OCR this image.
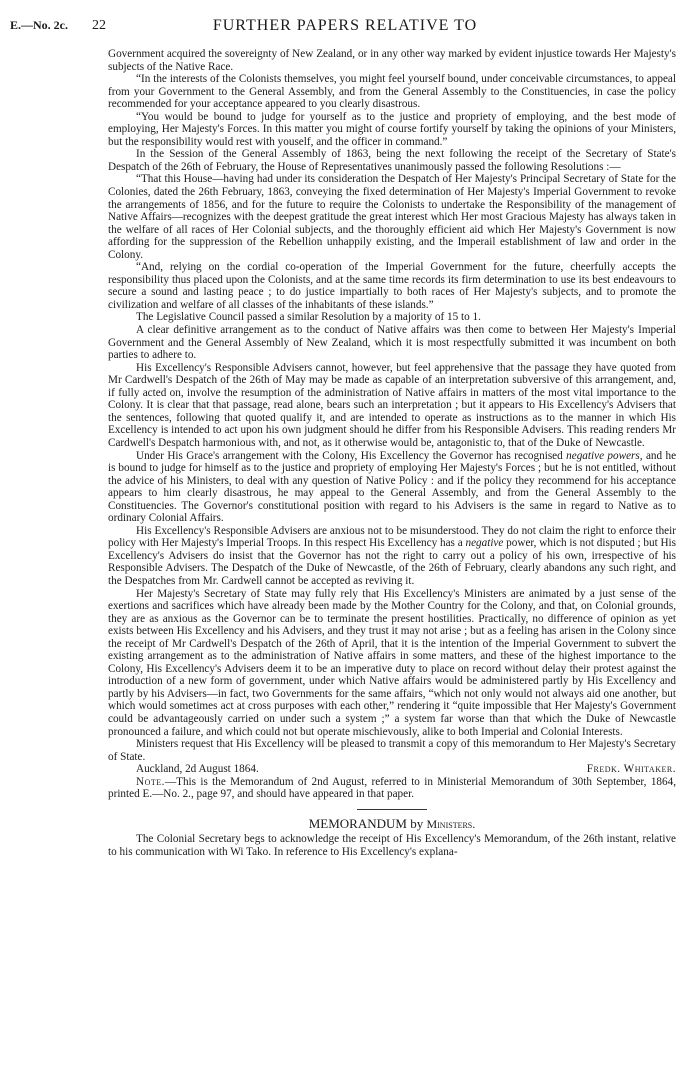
E.—No. 2c. 22	FURTHER PAPERS RELATIVE TO

Government acquired the sovereignty of New Zealand, or in any other way marked by evident injustice towards Her Majesty's subjects of the Native Race.

“In the interests of the Colonists themselves, you might feel yourself bound, under conceivable circumstances, to appeal from your Government to the General Assembly, and from the General Assembly to the Constituencies, in case the policy recommended for your acceptance appeared to you clearly disastrous.

“You would be bound to judge for yourself as to the justice and propriety of employing, and the best mode of employing, Her Majesty's Forces. In this matter you might of course fortify yourself by taking the opinions of your Ministers, but the responsibility would rest with youself, and the officer in command.”

In the Session of the General Assembly of 1863, being the next following the receipt of the Secretary of State's Despatch of the 26th of February, the House of Representatives unanimously passed the following Resolutions :—

“That this House—having had under its consideration the Despatch of Her Majesty's Principal Secretary of State for the Colonies, dated the 26th February, 1863, conveying the fixed determination of Her Majesty's Imperial Government to revoke the arrangements of 1856, and for the future to require the Colonists to undertake the Responsibility of the management of Native Affairs—recognizes with the deepest gratitude the great interest which Her most Gracious Majesty has always taken in the welfare of all races of Her Colonial subjects, and the thoroughly efficient aid which Her Majesty's Government is now affording for the suppression of the Rebellion unhappily existing, and the Imperail establishment of law and order in the Colony.

“And, relying on the cordial co-operation of the Imperial Government for the future, cheerfully accepts the responsibility thus placed upon the Colonists, and at the same time records its firm determination to use its best endeavours to secure a sound and lasting peace ; to do justice impartially to both races of Her Majesty's subjects, and to promote the civilization and welfare of all classes of the inhabitants of these islands.”

The Legislative Council passed a similar Resolution by a majority of 15 to 1.

A clear definitive arrangement as to the conduct of Native affairs was then come to between Her Majesty's Imperial Government and the General Assembly of New Zealand, which it is most respectfully submitted it was incumbent on both parties to adhere to.

His Excellency's Responsible Advisers cannot, however, but feel apprehensive that the passage they have quoted from Mr Cardwell's Despatch of the 26th of May may be made as capable of an interpretation subversive of this arrangement, and, if fully acted on, involve the resumption of the administration of Native affairs in matters of the most vital importance to the Colony. It is clear that that passage, read alone, bears such an interpretation ; but it appears to His Excellency's Advisers that the sentences, following that quoted qualify it, and are intended to operate as instructions as to the manner in which His Excellency is intended to act upon his own judgment should he differ from his Responsible Advisers. This reading renders Mr Cardwell's Despatch harmonious with, and not, as it otherwise would be, antagonistic to, that of the Duke of Newcastle.

Under His Grace's arrangement with the Colony, His Excellency the Governor has recognised negative powers, and he is bound to judge for himself as to the justice and propriety of employing Her Majesty's Forces ; but he is not entitled, without the advice of his Ministers, to deal with any question of Native Policy : and if the policy they recommend for his acceptance appears to him clearly disastrous, he may appeal to the General Assembly, and from the General Assembly to the Constituencies. The Governor's constitutional position with regard to his Advisers is the same in regard to Native as to ordinary Colonial Affairs.

His Excellency's Responsible Advisers are anxious not to be misunderstood. They do not claim the right to enforce their policy with Her Majesty's Imperial Troops. In this respect His Excellency has a negative power, which is not disputed ; but His Excellency's Advisers do insist that the Governor has not the right to carry out a policy of his own, irrespective of his Responsible Advisers. The Despatch of the Duke of Newcastle, of the 26th of February, clearly abandons any such right, and the Despatches from Mr. Cardwell cannot be accepted as reviving it.

Her Majesty's Secretary of State may fully rely that His Excellency's Ministers are animated by a just sense of the exertions and sacrifices which have already been made by the Mother Country for the Colony, and that, on Colonial grounds, they are as anxious as the Governor can be to terminate the present hostilities. Practically, no difference of opinion as yet exists between His Excellency and his Advisers, and they trust it may not arise ; but as a feeling has arisen in the Colony since the receipt of Mr Cardwell's Despatch of the 26th of April, that it is the intention of the Imperial Government to subvert the existing arrangement as to the administration of Native affairs in some matters, and these of the highest importance to the Colony, His Excellency's Advisers deem it to be an imperative duty to place on record without delay their protest against the introduction of a new form of government, under which Native affairs would be administered partly by His Excellency and partly by his Advisers—in fact, two Governments for the same affairs, “which not only would not always aid one another, but which would sometimes act at cross purposes with each other,” rendering it “quite impossible that Her Majesty's Government could be advantageously carried on under such a system ;” a system far worse than that which the Duke of Newcastle pronounced a failure, and which could not but operate mischievously, alike to both Imperial and Colonial Interests.

Ministers request that His Excellency will be pleased to transmit a copy of this memorandum to Her Majesty's Secretary of State.

Auckland, 2d August 1864.	Fredk. Whitaker.

Note.—This is the Memorandum of 2nd August, referred to in Ministerial Memorandum of 30th September, 1864, printed E.—No. 2., page 97, and should have appeared in that paper.

MEMORANDUM by Ministers.

The Colonial Secretary begs to acknowledge the receipt of His Excellency's Memorandum, of the 26th instant, relative to his communication with Wi Tako. In reference to His Excellency's explana-
